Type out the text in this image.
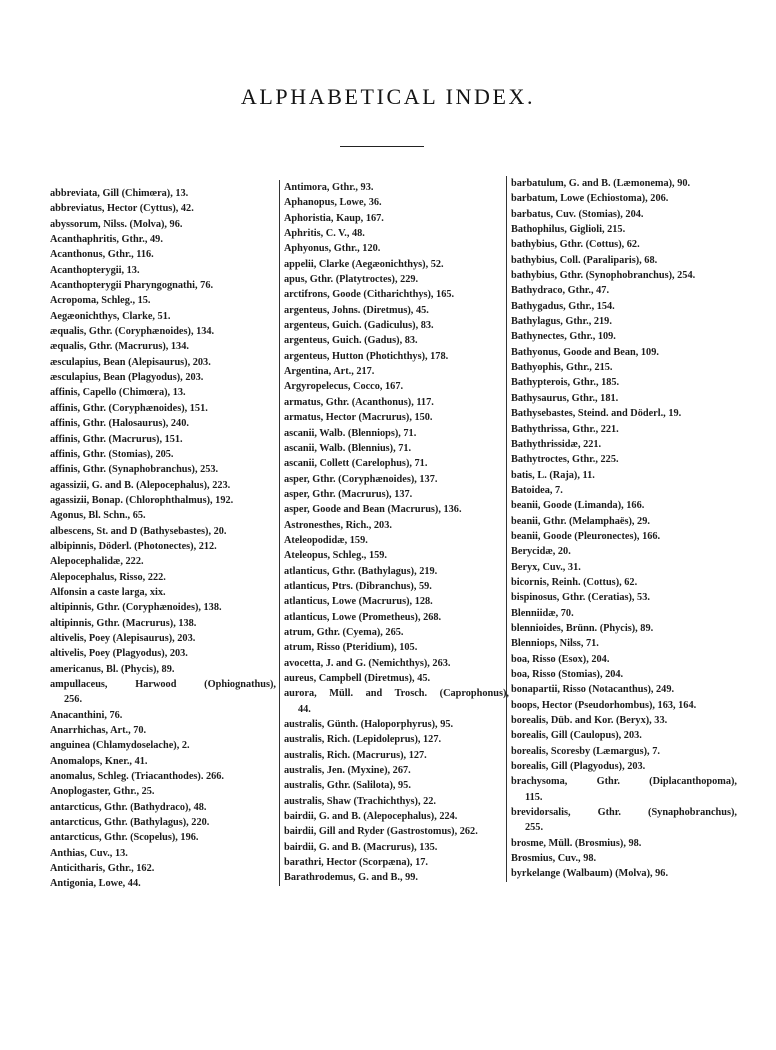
ALPHABETICAL INDEX.
abbreviata, Gill (Chimœra), 13.
abbreviatus, Hector (Cyttus), 42.
abyssorum, Nilss. (Molva), 96.
Acanthaphritis, Gthr., 49.
Acanthonus, Gthr., 116.
Acanthopterygii, 13.
Acanthopterygii Pharyngognathi, 76.
Acropoma, Schleg., 15.
Aegæonichthys, Clarke, 51.
æqualis, Gthr. (Coryphænoides), 134.
æqualis, Gthr. (Macrurus), 134.
æsculapius, Bean (Alepisaurus), 203.
æsculapius, Bean (Plagyodus), 203.
affinis, Capello (Chimœra), 13.
affinis, Gthr. (Coryphænoides), 151.
affinis, Gthr. (Halosaurus), 240.
affinis, Gthr. (Macrurus), 151.
affinis, Gthr. (Stomias), 205.
affinis, Gthr. (Synaphobranchus), 253.
agassizii, G. and B. (Alepocephalus), 223.
agassizii, Bonap. (Chlorophthalmus), 192.
Agonus, Bl. Schn., 65.
albescens, St. and D (Bathysebastes), 20.
albipinnis, Döderl. (Photonectes), 212.
Alepocephalidæ, 222.
Alepocephalus, Risso, 222.
Alfonsin a caste larga, xix.
altipinnis, Gthr. (Coryphænoides), 138.
altipinnis, Gthr. (Macrurus), 138.
altivelis, Poey (Alepisaurus), 203.
altivelis, Poey (Plagyodus), 203.
americanus, Bl. (Phycis), 89.
ampullaceus, Harwood (Ophiognathus),
256.
Anacanthini, 76.
Anarrhichas, Art., 70.
anguinea (Chlamydoselache), 2.
Anomalops, Kner., 41.
anomalus, Schleg. (Triacanthodes). 266.
Anoplogaster, Gthr., 25.
antarcticus, Gthr. (Bathydraco), 48.
antarcticus, Gthr. (Bathylagus), 220.
antarcticus, Gthr. (Scopelus), 196.
Anthias, Cuv., 13.
Anticitharis, Gthr., 162.
Antigonia, Lowe, 44.
Antimora, Gthr., 93.
Aphanopus, Lowe, 36.
Aphoristia, Kaup, 167.
Aphritis, C. V., 48.
Aphyonus, Gthr., 120.
appelii, Clarke (Aegæonichthys), 52.
apus, Gthr. (Platytroctes), 229.
arctifrons, Goode (Citharichthys), 165.
argenteus, Johns. (Diretmus), 45.
argenteus, Guich. (Gadiculus), 83.
argenteus, Guich. (Gadus), 83.
argenteus, Hutton (Photichthys), 178.
Argentina, Art., 217.
Argyropelecus, Cocco, 167.
armatus, Gthr. (Acanthonus), 117.
armatus, Hector (Macrurus), 150.
ascanii, Walb. (Blenniops), 71.
ascanii, Walb. (Blennius), 71.
ascanii, Collett (Carelophus), 71.
asper, Gthr. (Coryphænoides), 137.
asper, Gthr. (Macrurus), 137.
asper, Goode and Bean (Macrurus), 136.
Astronesthes, Rich., 203.
Ateleopodidæ, 159.
Ateleopus, Schleg., 159.
atlanticus, Gthr. (Bathylagus), 219.
atlanticus, Ptrs. (Dibranchus), 59.
atlanticus, Lowe (Macrurus), 128.
atlanticus, Lowe (Prometheus), 268.
atrum, Gthr. (Cyema), 265.
atrum, Risso (Pteridium), 105.
avocetta, J. and G. (Nemichthys), 263.
aureus, Campbell (Diretmus), 45.
aurora, Müll. and Trosch. (Caprophonus),
44.
australis, Günth. (Haloporphyrus), 95.
australis, Rich. (Lepidoleprus), 127.
australis, Rich. (Macrurus), 127.
australis, Jen. (Myxine), 267.
australis, Gthr. (Salilota), 95.
australis, Shaw (Trachichthys), 22.
bairdii, G. and B. (Alepocephalus), 224.
bairdii, Gill and Ryder (Gastrostomus), 262.
bairdii, G. and B. (Macrurus), 135.
barathri, Hector (Scorpæna), 17.
Barathrodemus, G. and B., 99.
barbatulum, G. and B. (Læmonema), 90.
barbatum, Lowe (Echiostoma), 206.
barbatus, Cuv. (Stomias), 204.
Bathophilus, Giglioli, 215.
bathybius, Gthr. (Cottus), 62.
bathybius, Coll. (Paraliparis), 68.
bathybius, Gthr. (Synophobranchus), 254.
Bathydraco, Gthr., 47.
Bathygadus, Gthr., 154.
Bathylagus, Gthr., 219.
Bathynectes, Gthr., 109.
Bathyonus, Goode and Bean, 109.
Bathyophis, Gthr., 215.
Bathypterois, Gthr., 185.
Bathysaurus, Gthr., 181.
Bathysebastes, Steind. and Döderl., 19.
Bathythrissa, Gthr., 221.
Bathythrissidæ, 221.
Bathytroctes, Gthr., 225.
batis, L. (Raja), 11.
Batoidea, 7.
beanii, Goode (Limanda), 166.
beanii, Gthr. (Melamphaës), 29.
beanii, Goode (Pleuronectes), 166.
Berycidæ, 20.
Beryx, Cuv., 31.
bicornis, Reinh. (Cottus), 62.
bispinosus, Gthr. (Ceratias), 53.
Blenniidæ, 70.
blennioides, Brünn. (Phycis), 89.
Blenniops, Nilss, 71.
boa, Risso (Esox), 204.
boa, Risso (Stomias), 204.
bonapartii, Risso (Notacanthus), 249.
boops, Hector (Pseudorhombus), 163, 164.
borealis, Düb. and Kor. (Beryx), 33.
borealis, Gill (Caulopus), 203.
borealis, Scoresby (Læmargus), 7.
borealis, Gill (Plagyodus), 203.
brachysoma, Gthr. (Diplacanthopoma),
115.
brevidorsalis, Gthr. (Synaphobranchus),
255.
brosme, Müll. (Brosmius), 98.
Brosmius, Cuv., 98.
byrkelange (Walbaum) (Molva), 96.
